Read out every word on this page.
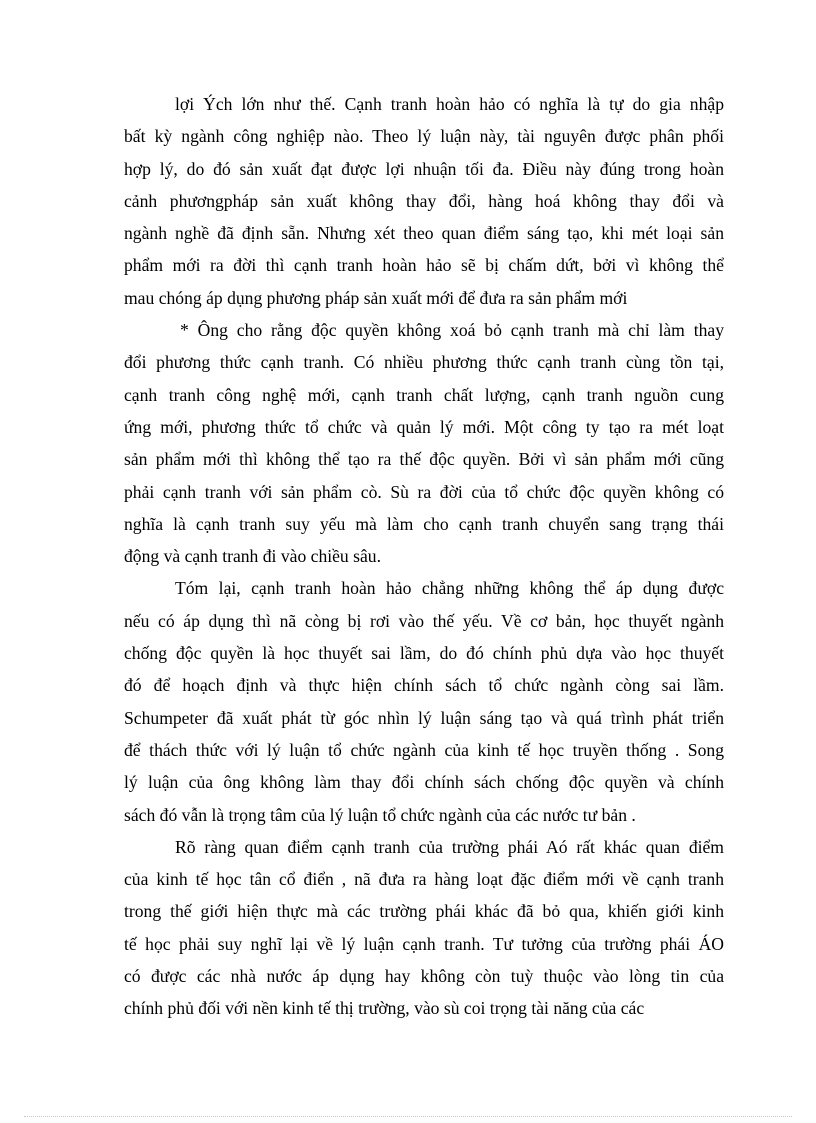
lợi Ých lớn như thế. Cạnh tranh hoàn hảo có nghĩa là tự do gia nhập
bất kỳ ngành công nghiệp nào. Theo lý luận này, tài nguyên được phân phối
hợp lý, do đó sản xuất đạt được lợi nhuận tối đa. Điều này đúng trong hoàn
cảnh phươngpháp sản xuất không thay đổi, hàng hoá không thay đổi và
ngành nghề đã định sẵn. Nhưng xét theo quan điểm sáng tạo, khi mét loại sản
phẩm mới ra đời thì cạnh tranh hoàn hảo sẽ bị chấm dứt, bởi vì không thể
mau chóng áp dụng phương pháp sản xuất mới để đưa ra sản phẩm mới
* Ông cho rằng độc quyền không xoá bỏ cạnh tranh mà chỉ làm thay
đổi phương thức cạnh tranh. Có nhiều phương thức cạnh tranh cùng tồn tại,
cạnh tranh công nghệ mới, cạnh tranh chất lượng, cạnh tranh nguồn cung
ứng mới, phương thức tổ chức và quản lý mới. Một công ty tạo ra mét loạt
sản phẩm mới thì không thể tạo ra thế độc quyền. Bởi vì sản phẩm mới cũng
phải cạnh tranh với sản phẩm cò. Sù ra đời của tổ chức độc quyền không có
nghĩa là cạnh tranh suy yếu mà làm cho cạnh tranh chuyển sang trạng thái
động và cạnh tranh đi vào chiều sâu.
Tóm lại, cạnh tranh hoàn hảo chẳng những không thể áp dụng được
nếu có áp dụng thì nã còng bị rơi vào thế yếu. Về cơ bản, học thuyết ngành
chống độc quyền là học thuyết sai lầm, do đó chính phủ dựa vào học thuyết
đó để hoạch định và thực hiện chính sách tổ chức ngành còng sai lầm.
Schumpeter đã xuất phát từ góc nhìn lý luận sáng tạo và quá trình phát triển
để thách thức với lý luận tổ chức ngành của kinh tế học truyền thống . Song
lý luận của ông không làm thay đổi chính sách chống độc quyền và chính
sách đó vẫn là trọng tâm của lý luận tổ chức ngành của các nước tư bản .
Rõ ràng quan điểm cạnh tranh của trường phái Aó rất khác quan điểm
của kinh tế học tân cổ điển , nã đưa ra hàng loạt đặc điểm mới về cạnh tranh
trong thế giới hiện thực mà các trường phái khác đã bỏ qua, khiến giới kinh
tế học phải suy nghĩ lại về lý luận cạnh tranh. Tư tưởng của trường phái ÁO
có được các nhà nước áp dụng hay không còn tuỳ thuộc vào lòng tin của
chính phủ đối với nền kinh tế thị trường, vào sù coi trọng tài năng của các
